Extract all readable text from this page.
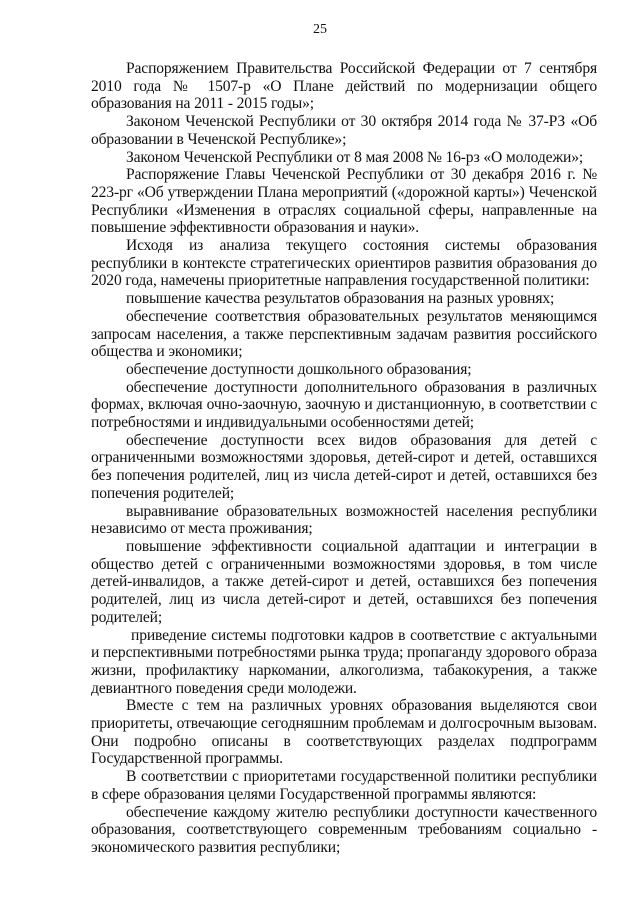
25

Распоряжением Правительства Российской Федерации от 7 сентября 2010 года № 1507-р «О Плане действий по модернизации общего образования на 2011 - 2015 годы»;

Законом Чеченской Республики от 30 октября 2014 года № 37-РЗ «Об образовании в Чеченской Республике»;

Законом Чеченской Республики от 8 мая 2008 № 16-рз «О молодежи»;

Распоряжение Главы Чеченской Республики от 30 декабря 2016 г. № 223-рг «Об утверждении Плана мероприятий («дорожной карты») Чеченской Республики «Изменения в отраслях социальной сферы, направленные на повышение эффективности образования и науки».

Исходя из анализа текущего состояния системы образования республики в контексте стратегических ориентиров развития образования до 2020 года, намечены приоритетные направления государственной политики:

повышение качества результатов образования на разных уровнях;

обеспечение соответствия образовательных результатов меняющимся запросам населения, а также перспективным задачам развития российского общества и экономики;

обеспечение доступности дошкольного образования;

обеспечение доступности дополнительного образования в различных формах, включая очно-заочную, заочную и дистанционную, в соответствии с потребностями и индивидуальными особенностями детей;

обеспечение доступности всех видов образования для детей с ограниченными возможностями здоровья, детей-сирот и детей, оставшихся без попечения родителей, лиц из числа детей-сирот и детей, оставшихся без попечения родителей;

выравнивание образовательных возможностей населения республики независимо от места проживания;

повышение эффективности социальной адаптации и интеграции в общество детей с ограниченными возможностями здоровья, в том числе детей-инвалидов, а также детей-сирот и детей, оставшихся без попечения родителей, лиц из числа детей-сирот и детей, оставшихся без попечения родителей;

приведение системы подготовки кадров в соответствие с актуальными и перспективными потребностями рынка труда; пропаганду здорового образа жизни, профилактику наркомании, алкоголизма, табакокурения, а также девиантного поведения среди молодежи.

Вместе с тем на различных уровнях образования выделяются свои приоритеты, отвечающие сегодняшним проблемам и долгосрочным вызовам. Они подробно описаны в соответствующих разделах подпрограмм Государственной программы.

В соответствии с приоритетами государственной политики республики в сфере образования целями Государственной программы являются:

обеспечение каждому жителю республики доступности качественного образования, соответствующего современным требованиям социально - экономического развития республики;
